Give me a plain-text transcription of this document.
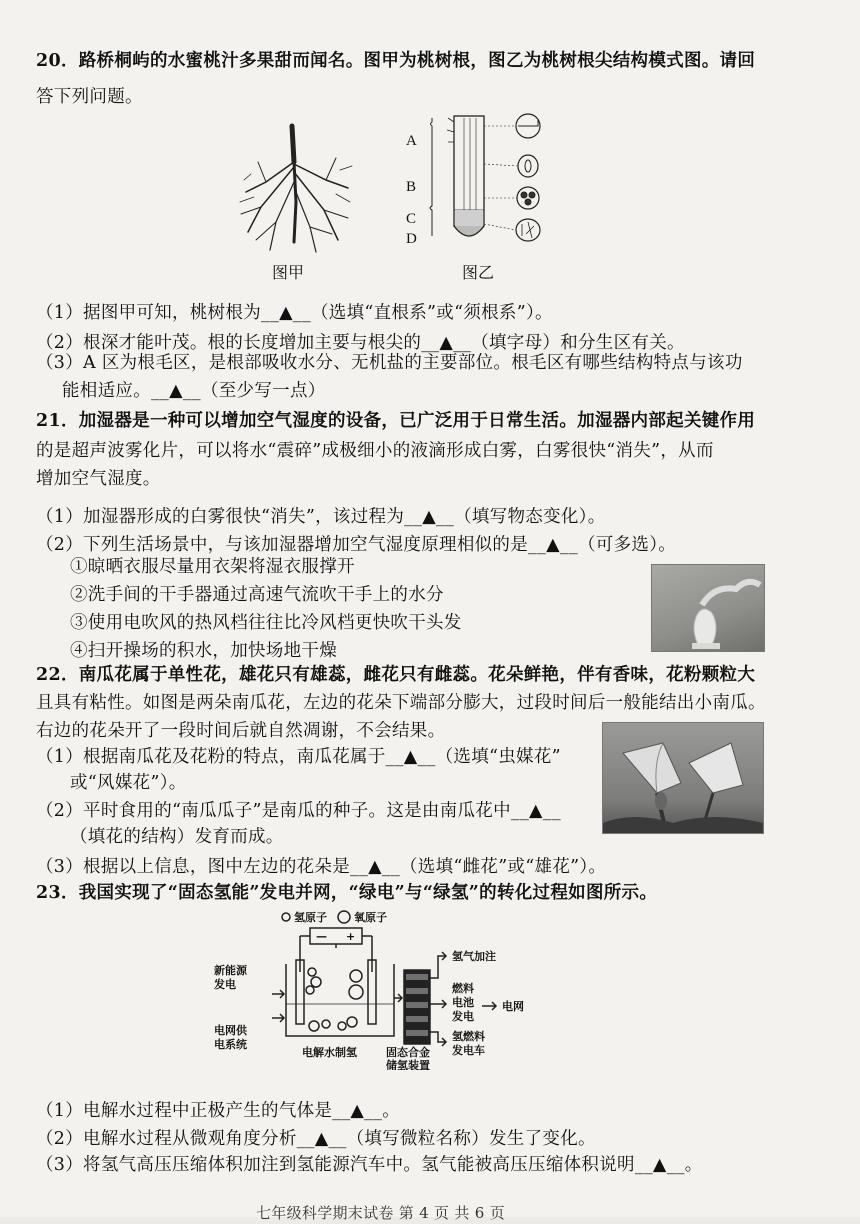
20．路桥桐屿的水蜜桃汁多果甜而闻名。图甲为桃树根，图乙为桃树根尖结构模式图。请回
答下列问题。
图甲
A
B
C
D
图乙
（1）据图甲可知，桃树根为__▲__（选填“直根系”或“须根系”）。
（2）根深才能叶茂。根的长度增加主要与根尖的__▲__（填字母）和分生区有关。
（3）A 区为根毛区，是根部吸收水分、无机盐的主要部位。根毛区有哪些结构特点与该功
能相适应。__▲__（至少写一点）
21．加湿器是一种可以增加空气湿度的设备，已广泛用于日常生活。加湿器内部起关键作用
的是超声波雾化片，可以将水“震碎”成极细小的液滴形成白雾，白雾很快“消失”，从而
增加空气湿度。
（1）加湿器形成的白雾很快“消失”，该过程为__▲__（填写物态变化）。
（2）下列生活场景中，与该加湿器增加空气湿度原理相似的是__▲__（可多选）。
①晾晒衣服尽量用衣架将湿衣服撑开
②洗手间的干手器通过高速气流吹干手上的水分
③使用电吹风的热风档往往比冷风档更快吹干头发
④扫开操场的积水，加快场地干燥
22．南瓜花属于单性花，雄花只有雄蕊，雌花只有雌蕊。花朵鲜艳，伴有香味，花粉颗粒大
且具有粘性。如图是两朵南瓜花，左边的花朵下端部分膨大，过段时间后一般能结出小南瓜。
右边的花朵开了一段时间后就自然凋谢，不会结果。
（1）根据南瓜花及花粉的特点，南瓜花属于__▲__（选填“虫媒花”
或“风媒花”）。
（2）平时食用的“南瓜瓜子”是南瓜的种子。这是由南瓜花中__▲__
（填花的结构）发育而成。
（3）根据以上信息，图中左边的花朵是__▲__（选填“雌花”或“雄花”）。
23．我国实现了“固态氢能”发电并网，“绿电”与“绿氢”的转化过程如图所示。
氢原子 氧原子
— +
新能源
发电
电网供
电系统
电解水制氢	固态合金
储氢装置
氢气加注
燃料
电池
发电
电网
氢燃料
发电车
（1）电解水过程中正极产生的气体是__▲__。
（2）电解水过程从微观角度分析__▲__（填写微粒名称）发生了变化。
（3）将氢气高压压缩体积加注到氢能源汽车中。氢气能被高压压缩体积说明__▲__。
七年级科学期末试卷 第 4 页 共 6 页
